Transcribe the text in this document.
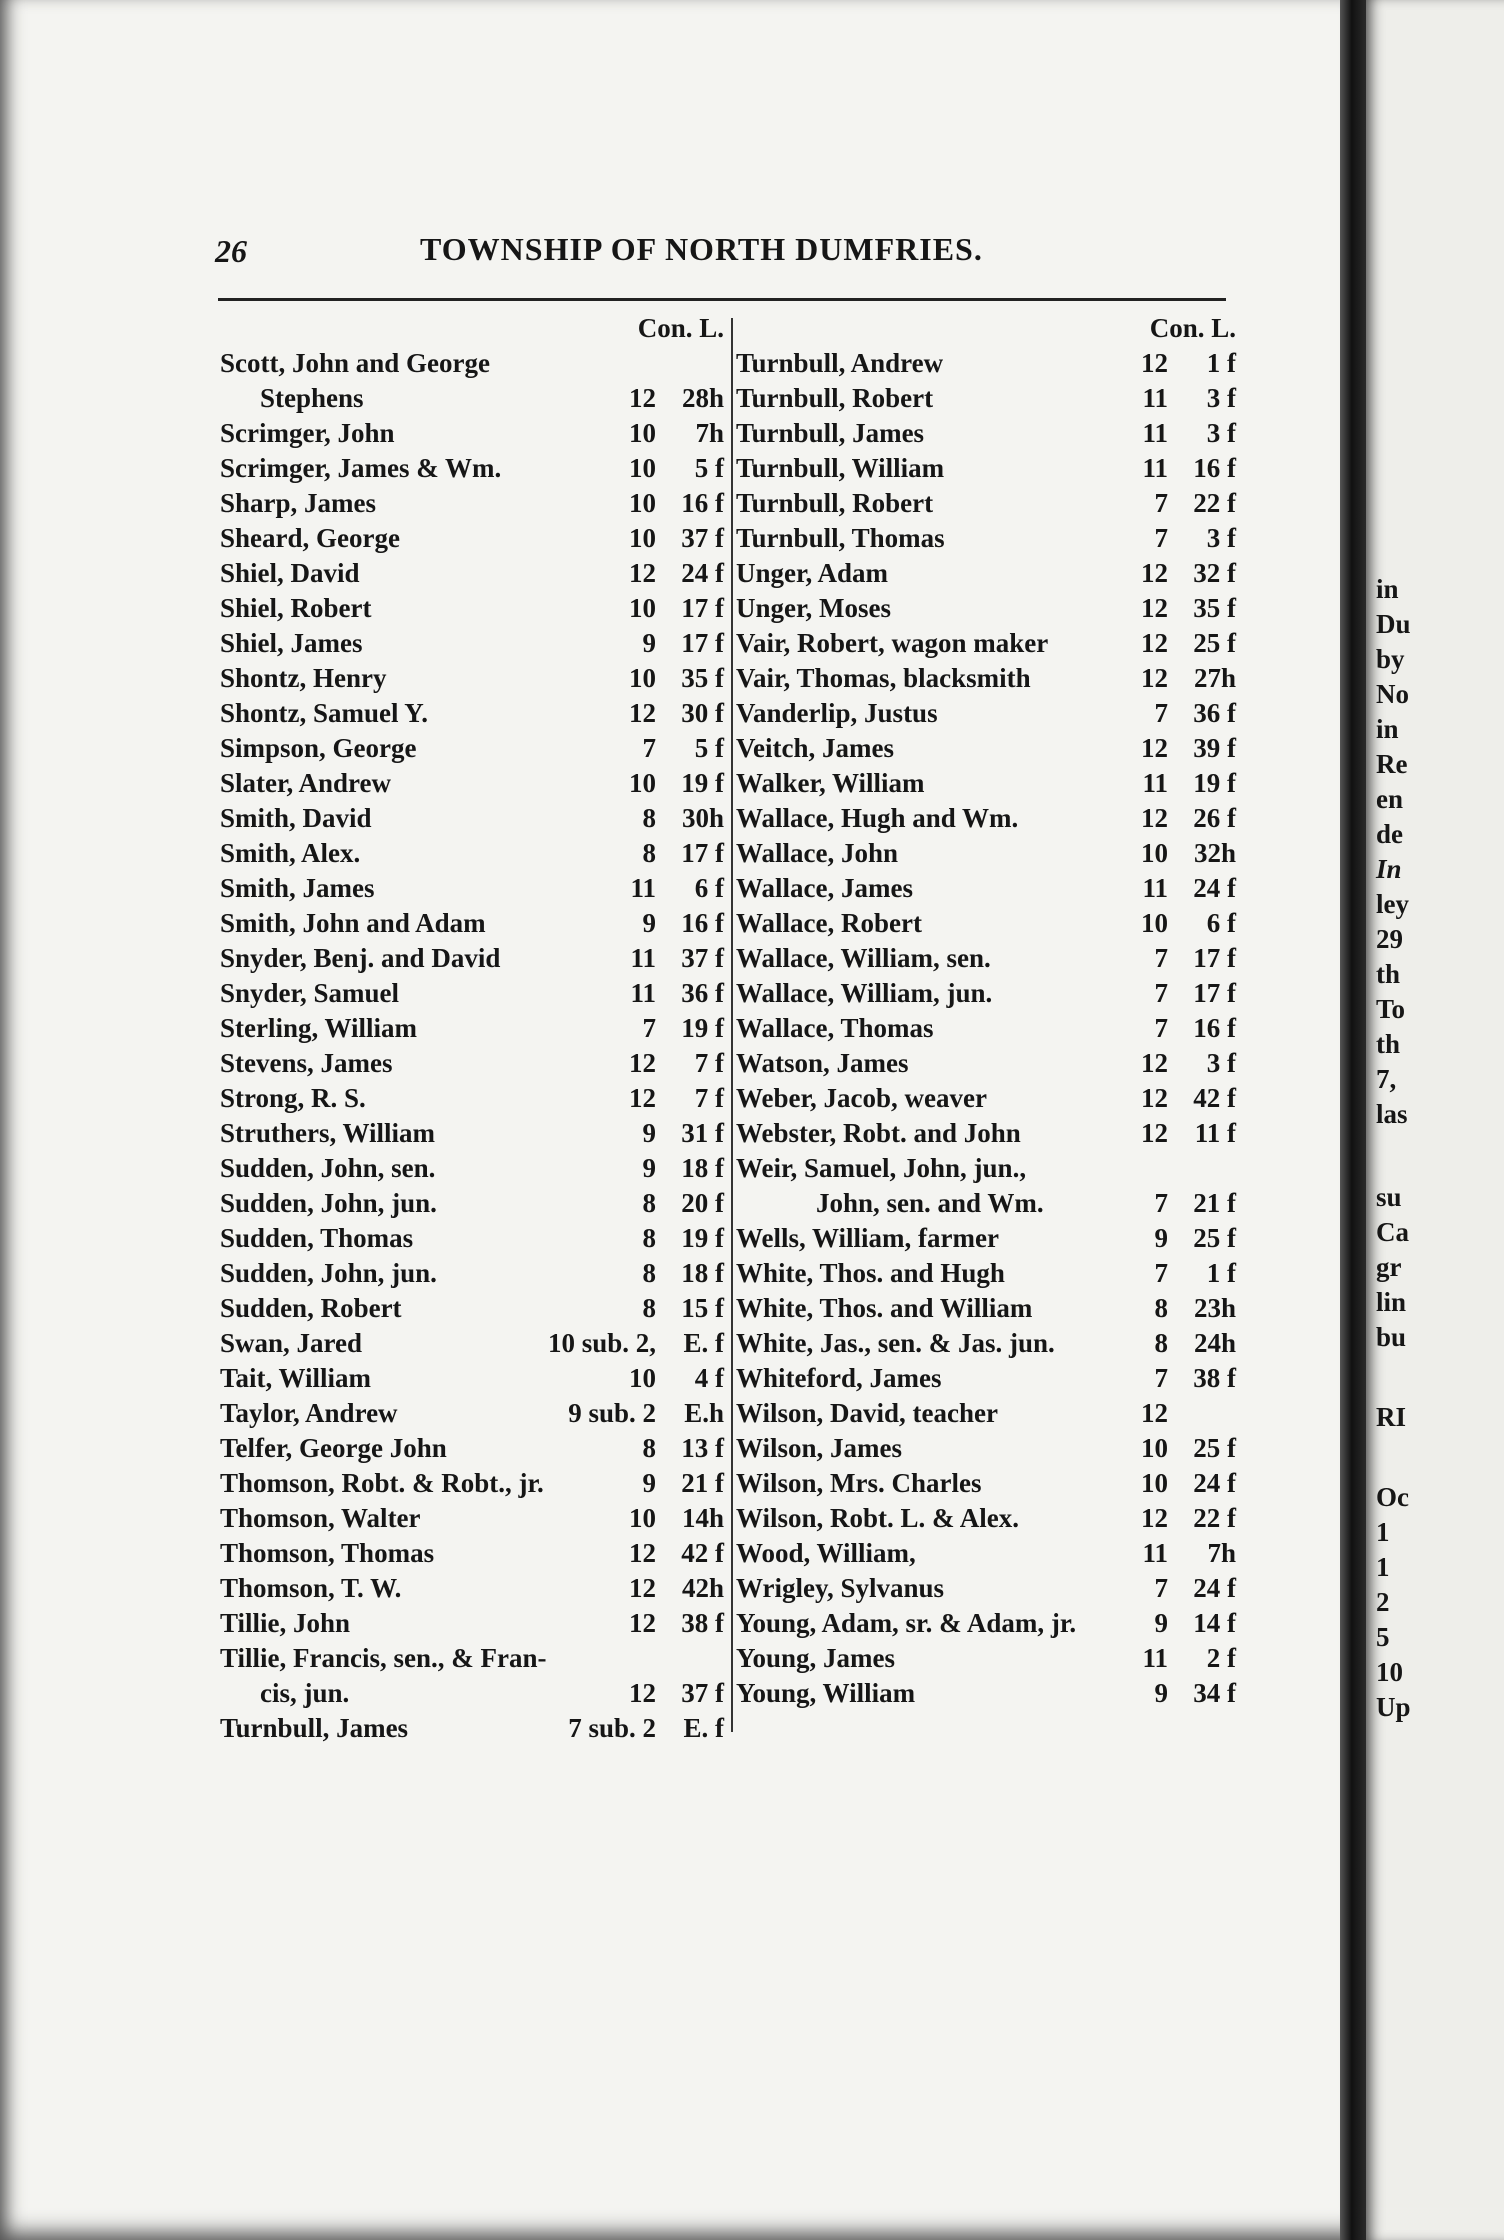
26	TOWNSHIP OF NORTH DUMFRIES.
Con. L.
Scott, John and George
Stephens	12 28h
Scrimger, John	10	7h
Scrimger, James & Wm.	10	5 f
Sharp, James	10 16 f
Sheard, George	10 37 f
Shiel, David	12 24 f
Shiel, Robert	10 17 f
Shiel, James	9 17 f
Shontz, Henry	10 35 f
Shontz, Samuel Y.	12 30 f
Simpson, George	7	5 f
Slater, Andrew	10 19 f
Smith, David	8 30h
Smith, Alex.	8 17 f
Smith, James	11	6 f
Smith, John and Adam	9 16 f
Snyder, Benj. and David	11 37 f
Snyder, Samuel	11 36 f
Sterling, William	7 19 f
Stevens, James	12	7 f
Strong, R. S.	12	7 f
Struthers, William	9 31 f
Sudden, John, sen.	9 18 f
Sudden, John, jun.	8 20 f
Sudden, Thomas	8 19 f
Sudden, John, jun.	8 18 f
Sudden, Robert	8 15 f
Swan, Jared	10 sub. 2,	E. f
Tait, William	10	4 f
Taylor, Andrew	9 sub. 2	E.h
Telfer, George John	8 13 f
Thomson, Robt. & Robt., jr.	9 21 f
Thomson, Walter	10 14h
Thomson, Thomas	12 42 f
Thomson, T. W.	12 42h
Tillie, John	12 38 f
Tillie, Francis, sen., & Fran-
cis, jun.	12 37 f
Turnbull, James	7 sub. 2	E. f
Con. L.
Turnbull, Andrew	12	1 f
Turnbull, Robert	11	3 f
Turnbull, James	11	3 f
Turnbull, William	11 16 f
Turnbull, Robert	7 22 f
Turnbull, Thomas	7	3 f
Unger, Adam	12 32 f
Unger, Moses	12 35 f
Vair, Robert, wagon maker	12 25 f
Vair, Thomas, blacksmith	12 27h
Vanderlip, Justus	7 36 f
Veitch, James	12 39 f
Walker, William	11 19 f
Wallace, Hugh and Wm.	12 26 f
Wallace, John	10 32h
Wallace, James	11 24 f
Wallace, Robert	10	6 f
Wallace, William, sen.	7 17 f
Wallace, William, jun.	7 17 f
Wallace, Thomas	7 16 f
Watson, James	12	3 f
Weber, Jacob, weaver	12 42 f
Webster, Robt. and John	12 11 f
Weir, Samuel, John, jun.,
John, sen. and Wm.	7 21 f
Wells, William, farmer	9 25 f
White, Thos. and Hugh	7	1 f
White, Thos. and William	8 23h
White, Jas., sen. & Jas. jun.	8 24h
Whiteford, James	7 38 f
Wilson, David, teacher	12
Wilson, James	10 25 f
Wilson, Mrs. Charles	10 24 f
Wilson, Robt. L. & Alex.	12 22 f
Wood, William,	11	7h
Wrigley, Sylvanus	7 24 f
Young, Adam, sr. & Adam, jr.	9 14 f
Young, James	11	2 f
Young, William	9 34 f
in
Du
by
No
in
Re
en
de
In
ley
29
th
To
th
7,
las
su
Ca
gr
lin
bu
RI
Oc
1
1
2
5
10
Up
